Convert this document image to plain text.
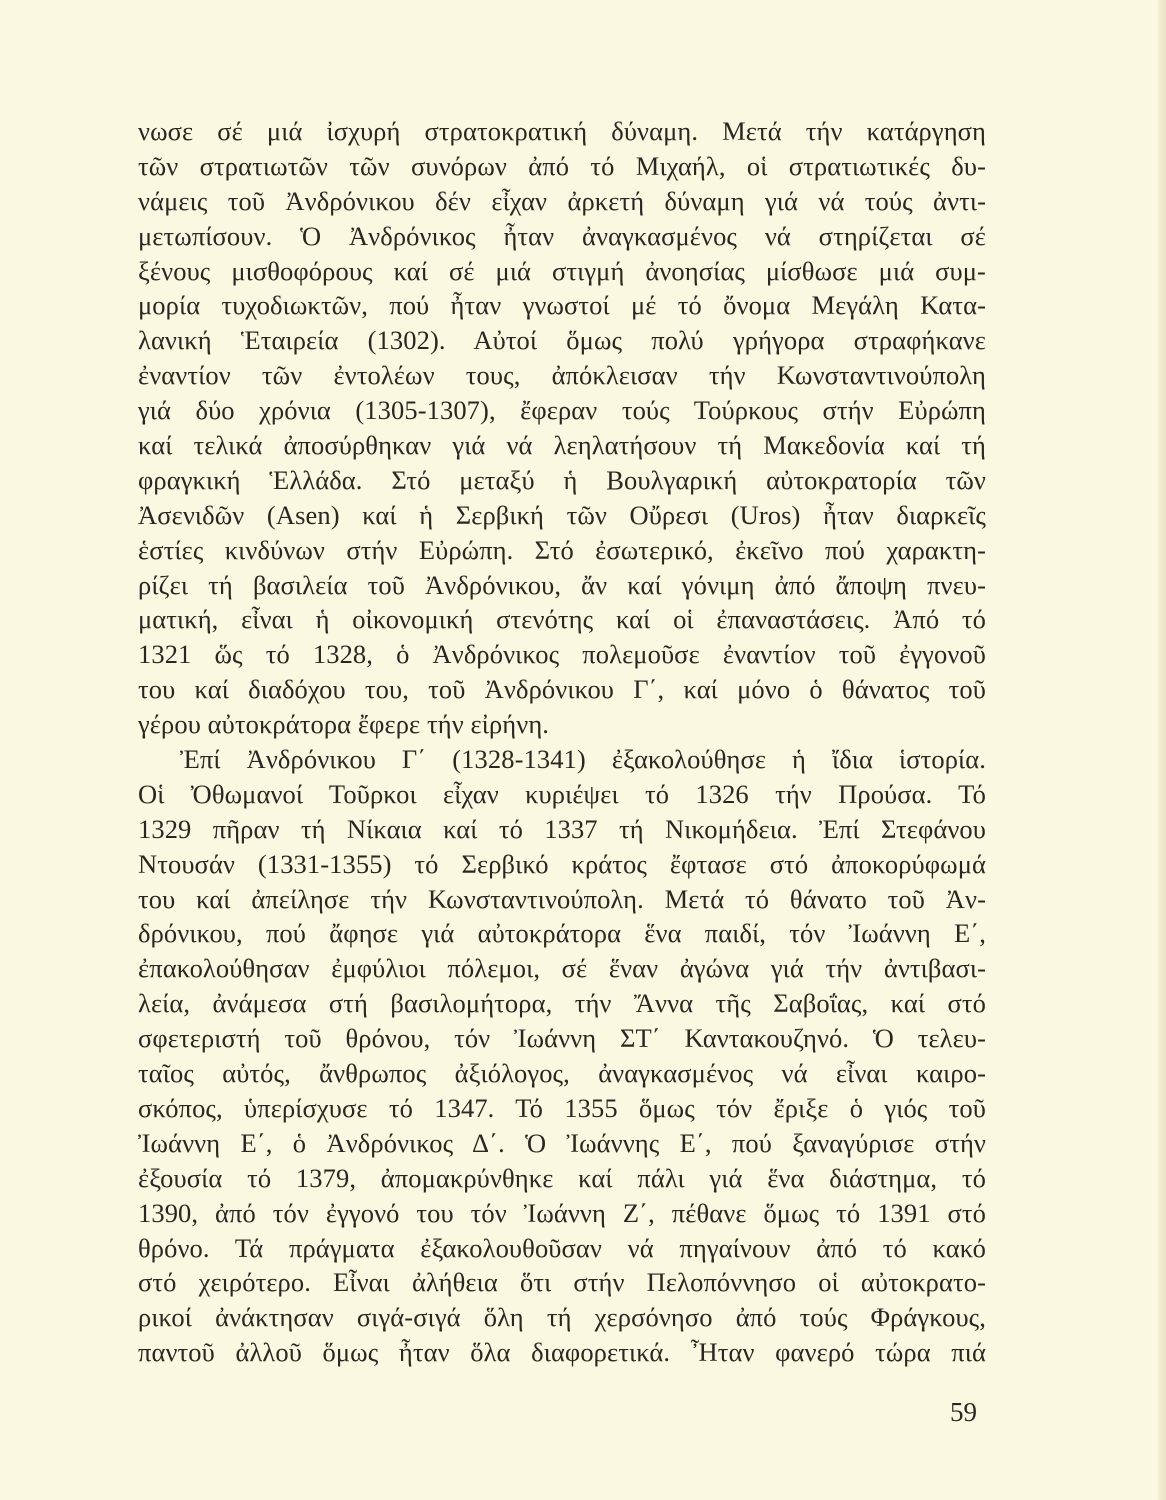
νωσε σέ μιά ἰσχυρή στρατοκρατική δύναμη. Μετά τήν κατάργηση
τῶν στρατιωτῶν τῶν συνόρων ἀπό τό Μιχαήλ, οἱ στρατιωτικές δυ-
νάμεις τοῦ Ἀνδρόνικου δέν εἶχαν ἀρκετή δύναμη γιά νά τούς ἀντι-
μετωπίσουν. Ὁ Ἀνδρόνικος ἦταν ἀναγκασμένος νά στηρίζεται σέ
ξένους μισθοφόρους καί σέ μιά στιγμή ἀνοησίας μίσθωσε μιά συμ-
μορία τυχοδιωκτῶν, πού ἦταν γνωστοί μέ τό ὄνομα Μεγάλη Κατα-
λανική Ἑταιρεία (1302). Αὐτοί ὅμως πολύ γρήγορα στραφήκανε
ἐναντίον τῶν ἐντολέων τους, ἀπόκλεισαν τήν Κωνσταντινούπολη
γιά δύο χρόνια (1305-1307), ἔφεραν τούς Τούρκους στήν Εὐρώπη
καί τελικά ἀποσύρθηκαν γιά νά λεηλατήσουν τή Μακεδονία καί τή
φραγκική Ἑλλάδα. Στό μεταξύ ἡ Βουλγαρική αὐτοκρατορία τῶν
Ἀσενιδῶν (Asen) καί ἡ Σερβική τῶν Οὔρεσι (Uros) ἦταν διαρκεῖς
ἑστίες κινδύνων στήν Εὐρώπη. Στό ἐσωτερικό, ἐκεῖνο πού χαρακτη-
ρίζει τή βασιλεία τοῦ Ἀνδρόνικου, ἄν καί γόνιμη ἀπό ἄποψη πνευ-
ματική, εἶναι ἡ οἰκονομική στενότης καί οἱ ἐπαναστάσεις. Ἀπό τό
1321 ὥς τό 1328, ὁ Ἀνδρόνικος πολεμοῦσε ἐναντίον τοῦ ἐγγονοῦ
του καί διαδόχου του, τοῦ Ἀνδρόνικου Γ΄, καί μόνο ὁ θάνατος τοῦ
γέρου αὐτοκράτορα ἔφερε τήν εἰρήνη.
Ἐπί Ἀνδρόνικου Γ΄ (1328-1341) ἐξακολούθησε ἡ ἴδια ἱστορία.
Οἱ Ὀθωμανοί Τοῦρκοι εἶχαν κυριέψει τό 1326 τήν Προύσα. Τό
1329 πῆραν τή Νίκαια καί τό 1337 τή Νικομήδεια. Ἐπί Στεφάνου
Ντουσάν (1331-1355) τό Σερβικό κράτος ἔφτασε στό ἀποκορύφωμά
του καί ἀπείλησε τήν Κωνσταντινούπολη. Μετά τό θάνατο τοῦ Ἀν-
δρόνικου, πού ἄφησε γιά αὐτοκράτορα ἕνα παιδί, τόν Ἰωάννη Ε΄,
ἐπακολούθησαν ἐμφύλιοι πόλεμοι, σέ ἕναν ἀγώνα γιά τήν ἀντιβασι-
λεία, ἀνάμεσα στή βασιλομήτορα, τήν Ἄννα τῆς Σαβοΐας, καί στό
σφετεριστή τοῦ θρόνου, τόν Ἰωάννη ΣΤ΄ Καντακουζηνό. Ὁ τελευ-
ταῖος αὐτός, ἄνθρωπος ἀξιόλογος, ἀναγκασμένος νά εἶναι καιρο-
σκόπος, ὑπερίσχυσε τό 1347. Τό 1355 ὅμως τόν ἔριξε ὁ γιός τοῦ
Ἰωάννη Ε΄, ὁ Ἀνδρόνικος Δ΄. Ὁ Ἰωάννης Ε΄, πού ξαναγύρισε στήν
ἐξουσία τό 1379, ἀπομακρύνθηκε καί πάλι γιά ἕνα διάστημα, τό
1390, ἀπό τόν ἐγγονό του τόν Ἰωάννη Ζ΄, πέθανε ὅμως τό 1391 στό
θρόνο. Τά πράγματα ἐξακολουθοῦσαν νά πηγαίνουν ἀπό τό κακό
στό χειρότερο. Εἶναι ἀλήθεια ὅτι στήν Πελοπόννησο οἱ αὐτοκρατο-
ρικοί ἀνάκτησαν σιγά-σιγά ὅλη τή χερσόνησο ἀπό τούς Φράγκους,
παντοῦ ἀλλοῦ ὅμως ἦταν ὅλα διαφορετικά. Ἦταν φανερό τώρα πιά
59
